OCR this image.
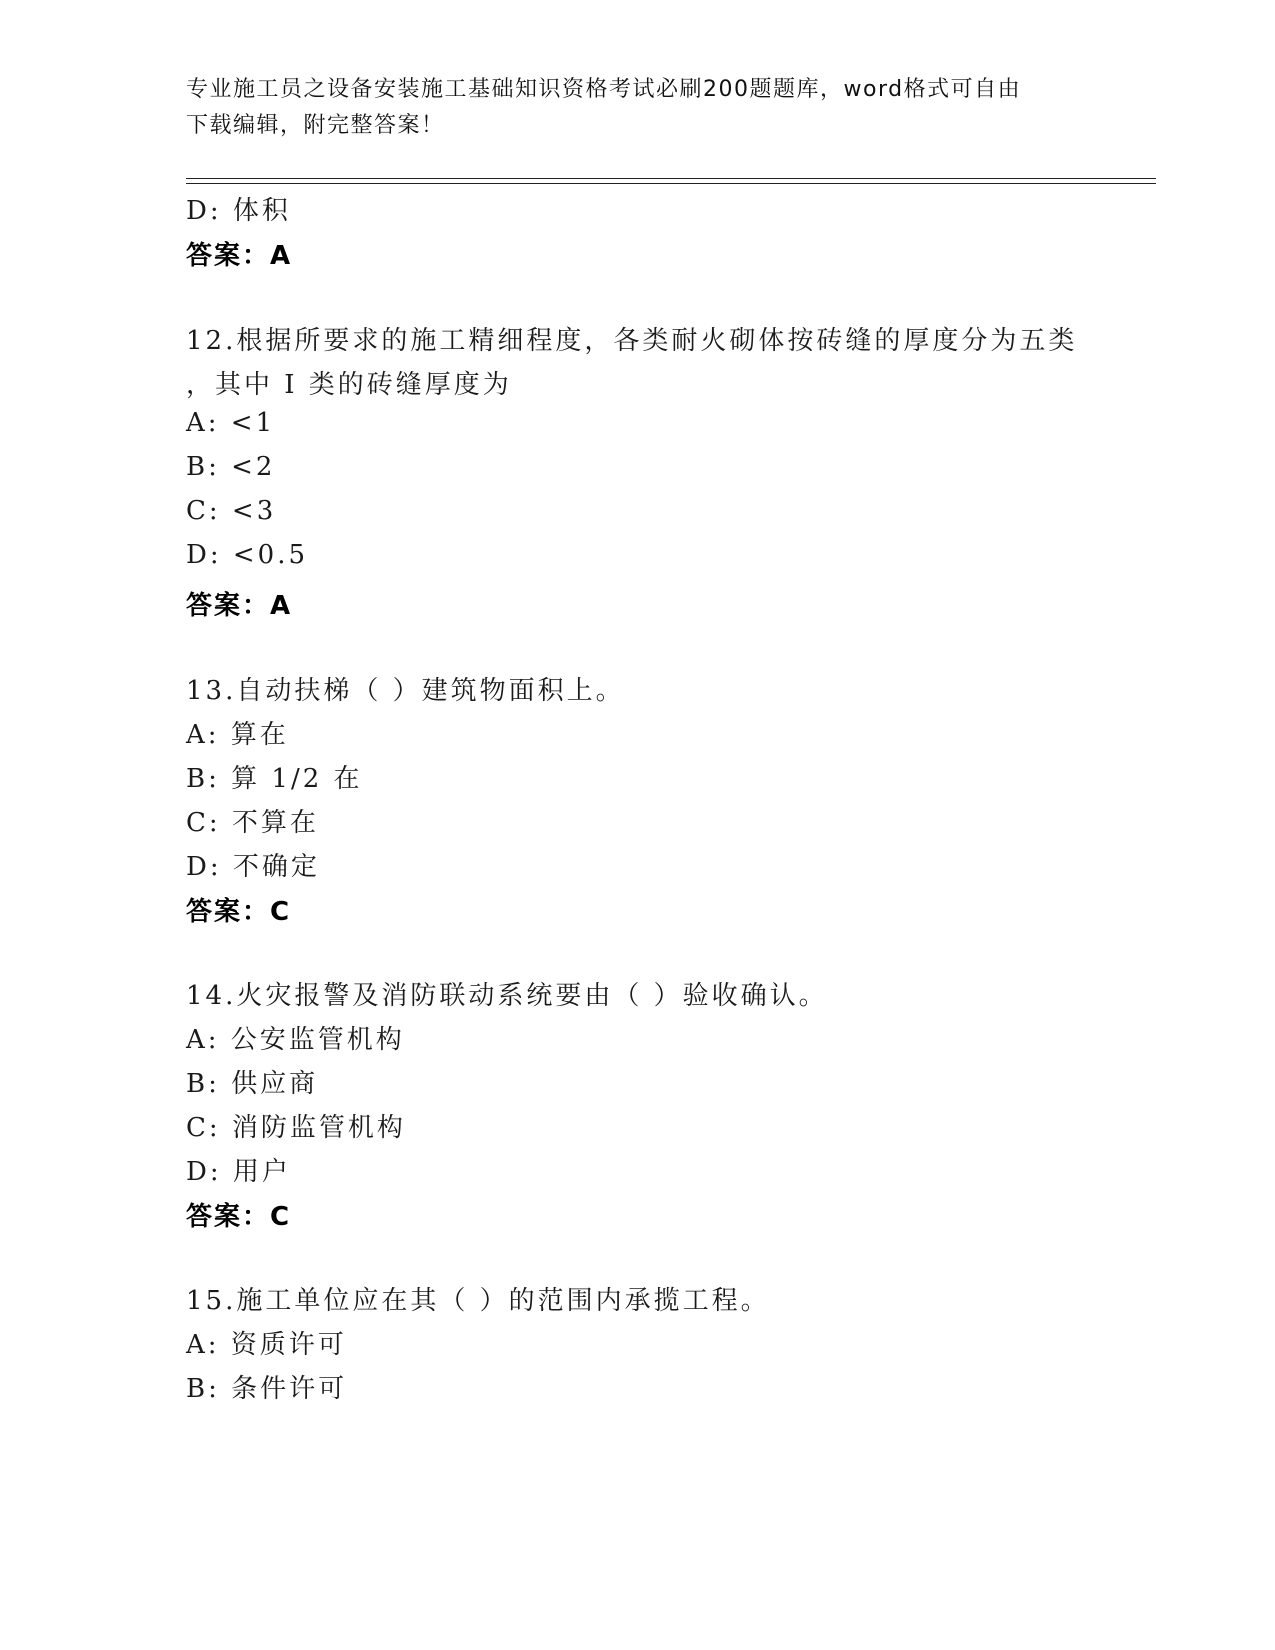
专业施工员之设备安装施工基础知识资格考试必刷200题题库，word格式可自由
下载编辑，附完整答案！
D: 体积
答案：A
12.根据所要求的施工精细程度，各类耐火砌体按砖缝的厚度分为五类
，其中 I 类的砖缝厚度为
A: <1
B: <2
C: <3
D: <0.5
答案：A
13.自动扶梯（ ）建筑物面积上。
A: 算在
B: 算 1/2 在
C: 不算在
D: 不确定
答案：C
14.火灾报警及消防联动系统要由（ ）验收确认。
A: 公安监管机构
B: 供应商
C: 消防监管机构
D: 用户
答案：C
15.施工单位应在其（ ）的范围内承揽工程。
A: 资质许可
B: 条件许可
